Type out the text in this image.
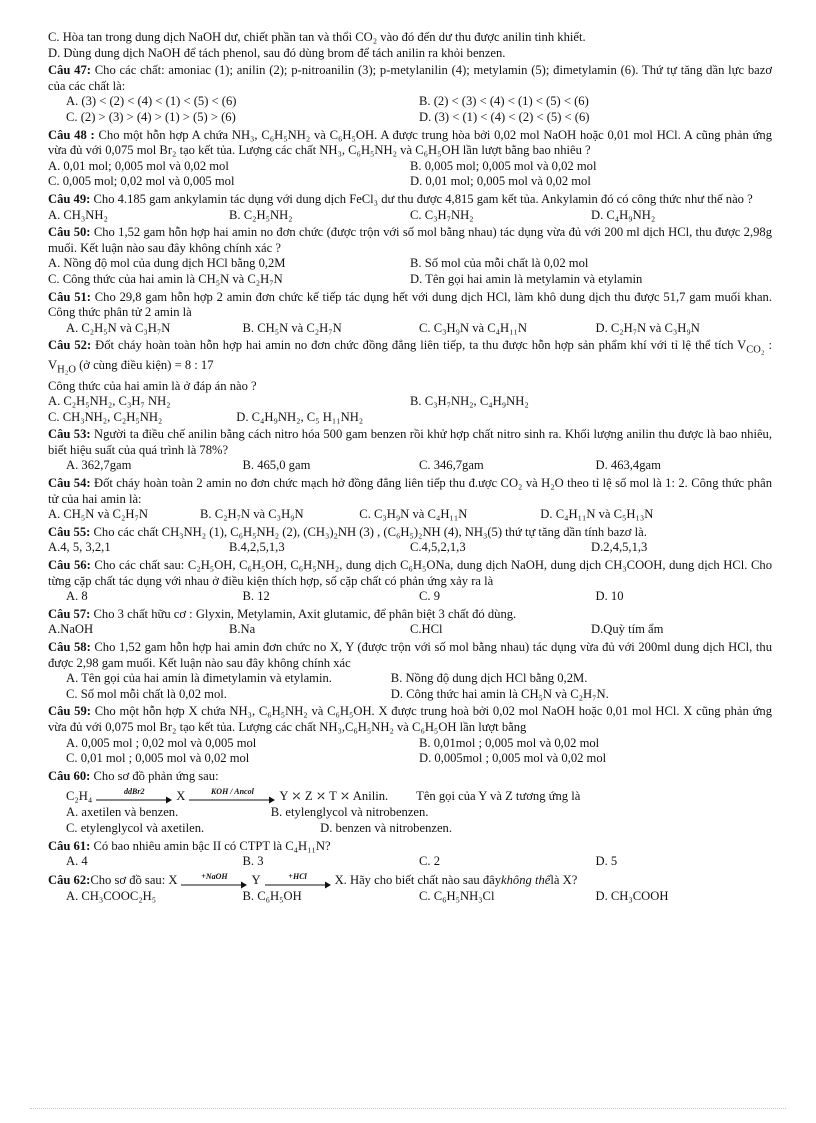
C. Hòa tan trong dung dịch NaOH dư, chiết phần tan và thổi CO₂ vào đó đến dư thu được anilin tinh khiết.
D. Dùng dung dịch NaOH để tách phenol, sau đó dùng brom để tách anilin ra khỏi benzen.
Câu 47: Cho các chất: amoniac (1); anilin (2); p-nitroanilin (3); p-metylanilin (4); metylamin (5); đimetylamin (6). Thứ tự tăng dần lực bazơ của các chất là:
A. (3) < (2) < (4) < (1) < (5) < (6)	B. (2) < (3) < (4) < (1) < (5) < (6)
C. (2) > (3) > (4) > (1) > (5) > (6)	D. (3) < (1) < (4) < (2) < (5) < (6)
Câu 48 : Cho một hỗn hợp A chứa NH₃, C₆H₅NH₂ và C₆H₅OH. A được trung hòa bởi 0,02 mol NaOH hoặc 0,01 mol HCl. A cũng phản ứng vừa đủ với 0,075 mol Br₂ tạo kết tủa. Lượng các chất NH₃, C₆H₅NH₂ và C₆H₅OH lần lượt bằng bao nhiêu ?
A. 0,01 mol; 0,005 mol và 0,02 mol	B. 0,005 mol; 0,005 mol và 0,02 mol
C. 0,005 mol; 0,02 mol và 0,005 mol	D. 0,01 mol; 0,005 mol và 0,02 mol
Câu 49: Cho 4.185 gam ankylamin tác dụng với dung dịch FeCl₃ dư thu được 4,815 gam kết tủa. Ankylamin đó có công thức như thế nào ?
A. CH₃NH₂	B. C₂H₅NH₂	C. C₃H₇NH₂	D. C₄H₉NH₂
Câu 50: Cho 1,52 gam hỗn hợp hai amin no đơn chức (được trộn với số mol bằng nhau) tác dụng vừa đủ với 200 ml dịch HCl, thu được 2,98g muối. Kết luận nào sau đây không chính xác ?
A. Nồng độ mol của dung dịch HCl bằng 0,2M	B. Số mol của mỗi chất là 0,02 mol
C. Công thức của hai amin là CH₅N và C₂H₇N	D. Tên gọi hai amin là metylamin và etylamin
Câu 51: Cho 29,8 gam hỗn hợp 2 amin đơn chức kế tiếp tác dụng hết với dung dịch HCl, làm khô dung dịch thu được 51,7 gam muối khan. Công thức phân tử 2 amin là
A. C₂H₅N và C₃H₇N	B. CH₅N và C₂H₇N	C. C₃H₉N và C₄H₁₁N	D. C₂H₇N và C₃H₉N
Câu 52: Đốt cháy hoàn toàn hỗn hợp hai amin no đơn chức đồng đẳng liên tiếp, ta thu được hỗn hợp sản phẩm khí với tỉ lệ thể tích $V_{CO_2}$ : $V_{H_2O}$ (ở cùng điều kiện) = 8 : 17
Công thức của hai amin là ở đáp án nào ?
A. C₂H₅NH₂, C₃H₇ NH₂	B. C₃H₇NH₂, C₄H₉NH₂
C. CH₃NH₂, C₂H₅NH₂	D. C₄H₉NH₂, C₅ H₁₁NH₂
Câu 53: Người ta điều chế anilin bằng cách nitro hóa 500 gam benzen rồi khử hợp chất nitro sinh ra. Khối lượng anilin thu được là bao nhiêu, biết hiệu suất của quá trình là 78%?
A. 362,7gam	B. 465,0 gam	C. 346,7gam	D. 463,4gam
Câu 54: Đốt cháy hoàn toàn 2 amin no đơn chức mạch hở đồng đẳng liên tiếp thu đ.ược CO₂ và H₂O theo tỉ lệ số mol là 1: 2. Công thức phân tử của hai amin là:
A. CH₅N và C₂H₇N	B. C₂H₇N và C₃H₉N	C. C₃H₉N và C₄H₁₁N	D. C₄H₁₁N và C₅H₁₃N
Câu 55: Cho các chất CH₃NH₂ (1), C₆H₅NH₂ (2), (CH₃)₂NH (3) , (C₆H₅)₂NH (4), NH₃(5) thứ tự tăng dần tính bazơ là.
A.4, 5, 3,2,1	B.4,2,5,1,3	C.4,5,2,1,3	D.2,4,5,1,3
Câu 56: Cho các chất sau: C₂H₅OH, C₆H₅OH, C₆H₅NH₂, dung dịch C₆H₅ONa, dung dịch NaOH, dung dịch CH₃COOH, dung dịch HCl. Cho từng cặp chất tác dụng với nhau ở điều kiện thích hợp, số cặp chất có phản ứng xảy ra là
A. 8	B. 12	C. 9	D. 10
Câu 57: Cho 3 chất hữu cơ : Glyxin, Metylamin, Axit glutamic, để phân biệt 3 chất đó dùng.
A.NaOH	B.Na	C.HCl	D.Quỳ tím ẩm
Câu 58: Cho 1,52 gam hỗn hợp hai amin đơn chức no X, Y (được trộn với số mol bằng nhau) tác dụng vừa đủ với 200ml dung dịch HCl, thu được 2,98 gam muối. Kết luận nào sau đây không chính xác
A. Tên gọi của hai amin là đimetylamin và etylamin.	B. Nồng độ dung dịch HCl bằng 0,2M.
C. Số mol mỗi chất là 0,02 mol.	D. Công thức hai amin là CH₅N và C₂H₇N.
Câu 59: Cho một hỗn hợp X chứa NH₃, C₆H₅NH₂ và C₆H₅OH. X được trung hoà bởi 0,02 mol NaOH hoặc 0,01 mol HCl. X cũng phản ứng vừa đủ với 0,075 mol Br₂ tạo kết tủa. Lượng các chất NH₃,C₆H₅NH₂ và C₆H₅OH lần lượt bằng
A. 0,005 mol ; 0,02 mol và 0,005 mol	B. 0,01mol ; 0,005 mol và 0,02 mol
C. 0,01 mol ; 0,005 mol và 0,02 mol	D. 0,005mol ; 0,005 mol và 0,02 mol
Câu 60: Cho sơ đồ phản ứng sau:
C₂H₄	ddBr2	X	KOH / Ancol Y ⤫ Z ⤫ T ⤫ Anilin. Tên gọi của Y và Z tương ứng là
A. axetilen và benzen.	B. etylenglycol và nitrobenzen.
C. etylenglycol và axetilen.	D. benzen và nitrobenzen.
Câu 61: Có bao nhiêu amin bậc II có CTPT là C₄H₁₁N?
A. 4	B. 3	C. 2	D. 5
Câu 62: Cho sơ đồ sau: X	+NaOH Y	+HCl X. Hãy cho biết chất nào sau đây không thể là X?
A. CH₃COOC₂H₅	B. C₆H₅OH	C. C₆H₅NH₃Cl	D. CH₃COOH
